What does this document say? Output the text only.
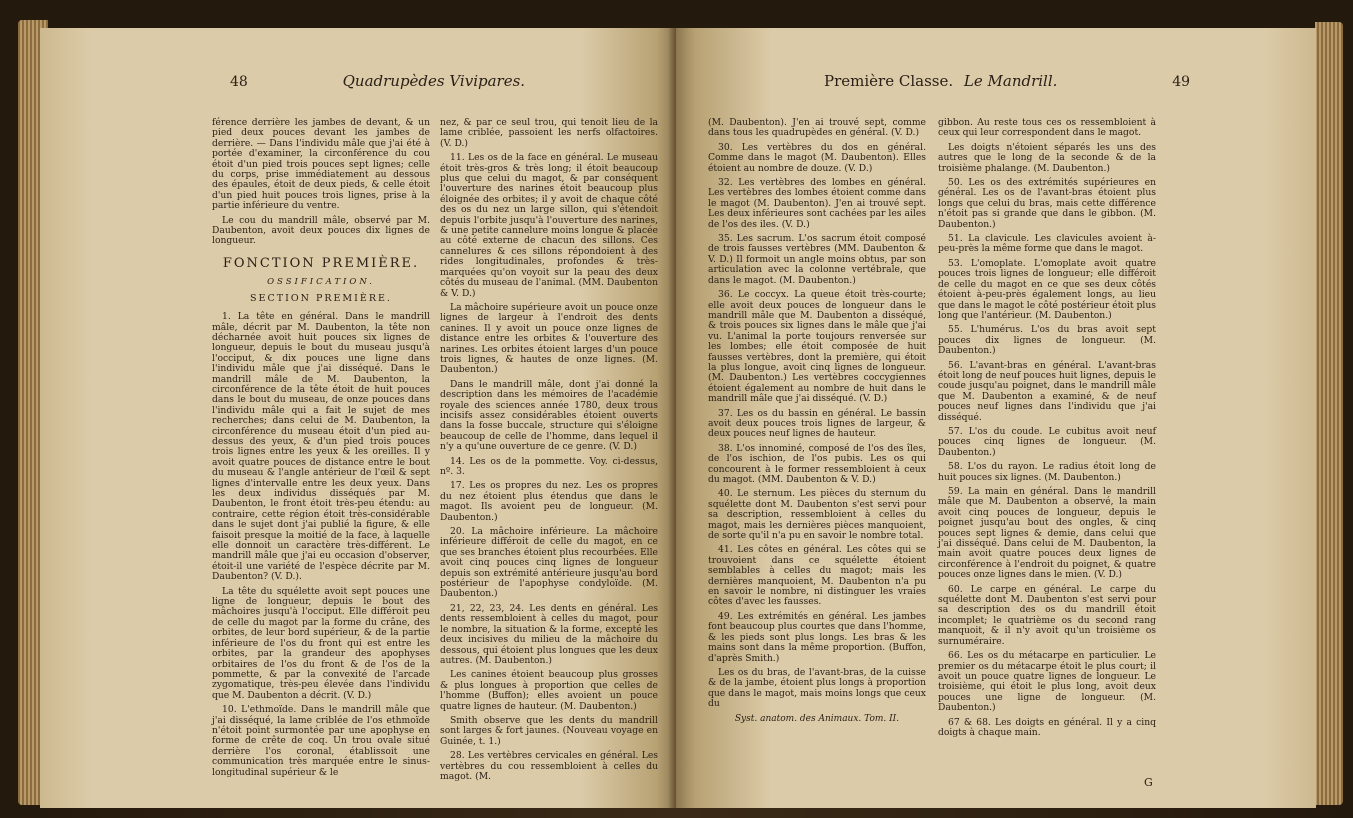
48	Quadrupèdes Vivipares.

férence derrière les jambes de devant, & un pied deux pouces devant les jambes de derrière. — Dans l'individu mâle que j'ai été à portée d'examiner, la circonférence du cou étoit d'un pied trois pouces sept lignes; celle du corps, prise immédiatement au dessous des épaules, étoit de deux pieds, & celle étoit d'un pied huit pouces trois lignes, prise à la partie inférieure du ventre.

Le cou du mandrill mâle, observé par M. Daubenton, avoit deux pouces dix lignes de longueur.

FONCTION PREMIÈRE.
OSSIFICATION.
SECTION PREMIÈRE.

1. La tête en général. Dans le mandrill mâle, décrit par M. Daubenton, la tête non décharnée avoit huit pouces six lignes de longueur, depuis le bout du museau jusqu'à l'occiput, & dix pouces une ligne dans l'individu mâle que j'ai disséqué. Dans le mandrill mâle de M. Daubenton, la circonférence de la tête étoit de huit pouces dans le bout du museau, de onze pouces dans l'individu mâle qui a fait le sujet de mes recherches; dans celui de M. Daubenton, la circonférence du museau étoit d'un pied au-dessus des yeux, & d'un pied trois pouces trois lignes entre les yeux & les oreilles. Il y avoit quatre pouces de distance entre le bout du museau & l'angle antérieur de l'œil & sept lignes d'intervalle entre les deux yeux. Dans les deux individus disséqués par M. Daubenton, le front étoit très-peu étendu: au contraire, cette région étoit très-considérable dans le sujet dont j'ai publié la figure, & elle faisoit presque la moitié de la face, à laquelle elle donnoit un caractère très-différent. Le mandrill mâle que j'ai eu occasion d'observer, étoit-il une variété de l'espèce décrite par M. Daubenton? (V. D.).

La tête du squélette avoit sept pouces une ligne de longueur, depuis le bout des mâchoires jusqu'à l'occiput. Elle différoit peu de celle du magot par la forme du crâne, des orbites, de leur bord supérieur, & de la partie inférieure de l'os du front qui est entre les orbites, par la grandeur des apophyses orbitaires de l'os du front & de l'os de la pommette, & par la convexité de l'arcade zygomatique, très-peu élevée dans l'individu que M. Daubenton a décrit. (V. D.)

10. L'ethmoïde. Dans le mandrill mâle que j'ai disséqué, la lame criblée de l'os ethmoïde n'étoit point surmontée par une apophyse en forme de crête de coq. Un trou ovale situé derrière l'os coronal, établissoit une communication très marquée entre le sinus-longitudinal supérieur & le

nez, & par ce seul trou, qui tenoit lieu de la lame criblée, passoient les nerfs olfactoires. (V. D.)

11. Les os de la face en général. Le museau étoit très-gros & très long; il étoit beaucoup plus que celui du magot, & par conséquent l'ouverture des narines étoit beaucoup plus éloignée des orbites; il y avoit de chaque côté des os du nez un large sillon, qui s'étendoit depuis l'orbite jusqu'à l'ouverture des narines, & une petite cannelure moins longue & placée au côté externe de chacun des sillons. Ces cannelures & ces sillons répondoient à des rides longitudinales, profondes & très-marquées qu'on voyoit sur la peau des deux côtés du museau de l'animal. (MM. Daubenton & V. D.)

La mâchoire supérieure avoit un pouce onze lignes de largeur à l'endroit des dents canines. Il y avoit un pouce onze lignes de distance entre les orbites & l'ouverture des narines. Les orbites étoient larges d'un pouce trois lignes, & hautes de onze lignes. (M. Daubenton.)

Dans le mandrill mâle, dont j'ai donné la description dans les mémoires de l'académie royale des sciences année 1780, deux trous incisifs assez considérables étoient ouverts dans la fosse buccale, structure qui s'éloigne beaucoup de celle de l'homme, dans lequel il n'y a qu'une ouverture de ce genre. (V. D.)

14. Les os de la pommette. Voy. ci-dessus, nº. 3.

17. Les os propres du nez. Les os propres du nez étoient plus étendus que dans le magot. Ils avoient peu de longueur. (M. Daubenton.)

20. La mâchoire inférieure. La mâchoire inférieure différoit de celle du magot, en ce que ses branches étoient plus recourbées. Elle avoit cinq pouces cinq lignes de longueur depuis son extrémité antérieure jusqu'au bord postérieur de l'apophyse condyloïde. (M. Daubenton.)

21, 22, 23, 24. Les dents en général. Les dents ressembloient à celles du magot, pour le nombre, la situation & la forme, excepté les deux incisives du milieu de la mâchoire du dessous, qui étoient plus longues que les deux autres. (M. Daubenton.)

Les canines étoient beaucoup plus grosses & plus longues à proportion que celles de l'homme (Buffon); elles avoient un pouce quatre lignes de hauteur. (M. Daubenton.)

Smith observe que les dents du mandrill sont larges & fort jaunes. (Nouveau voyage en Guinée, t. 1.)

28. Les vertèbres cervicales en général. Les vertèbres du cou ressembloient à celles du magot. (M.

Première Classe. Le Mandrill.	49

(M. Daubenton). J'en ai trouvé sept, comme dans tous les quadrupèdes en général. (V. D.)

30. Les vertèbres du dos en général. Comme dans le magot (M. Daubenton). Elles étoient au nombre de douze. (V. D.)

32. Les vertèbres des lombes en général. Les vertèbres des lombes étoient comme dans le magot (M. Daubenton). J'en ai trouvé sept. Les deux inférieures sont cachées par les ailes de l'os des iles. (V. D.)

35. Les sacrum. L'os sacrum étoit composé de trois fausses vertèbres (MM. Daubenton & V. D.) Il formoit un angle moins obtus, par son articulation avec la colonne vertébrale, que dans le magot. (M. Daubenton.)

36. Le coccyx. La queue étoit très-courte; elle avoit deux pouces de longueur dans le mandrill mâle que M. Daubenton a disséqué, & trois pouces six lignes dans le mâle que j'ai vu. L'animal la porte toujours renversée sur les lombes; elle étoit composée de huit fausses vertèbres, dont la première, qui étoit la plus longue, avoit cinq lignes de longueur. (M. Daubenton.) Les vertèbres coccygiennes étoient également au nombre de huit dans le mandrill mâle que j'ai disséqué. (V. D.)

37. Les os du bassin en général. Le bassin avoit deux pouces trois lignes de largeur, & deux pouces neuf lignes de hauteur.

38. L'os innominé, composé de l'os des îles, de l'os ischion, de l'os pubis. Les os qui concourent à le former ressembloient à ceux du magot. (MM. Daubenton & V. D.)

40. Le sternum. Les pièces du sternum du squélette dont M. Daubenton s'est servi pour sa description, ressembloient à celles du magot, mais les dernières pièces manquoient, de sorte qu'il n'a pu en savoir le nombre total.

41. Les côtes en général. Les côtes qui se trouvoient dans ce squélette étoient semblables à celles du magot; mais les dernières manquoient, M. Daubenton n'a pu en savoir le nombre, ni distinguer les vraies côtes d'avec les fausses.

49. Les extrémités en général. Les jambes font beaucoup plus courtes que dans l'homme, & les pieds sont plus longs. Les bras & les mains sont dans la même proportion. (Buffon, d'après Smith.)

Les os du bras, de l'avant-bras, de la cuisse & de la jambe, étoient plus longs à proportion que dans le magot, mais moins longs que ceux du

Syst. anatom. des Animaux. Tom. II.

gibbon. Au reste tous ces os ressembloient à ceux qui leur correspondent dans le magot.

Les doigts n'étoient séparés les uns des autres que le long de la seconde & de la troisième phalange. (M. Daubenton.)

50. Les os des extrémités supérieures en général. Les os de l'avant-bras étoient plus longs que celui du bras, mais cette différence n'étoit pas si grande que dans le gibbon. (M. Daubenton.)

51. La clavicule. Les clavicules avoient à-peu-près la même forme que dans le magot.

53. L'omoplate. L'omoplate avoit quatre pouces trois lignes de longueur; elle différoit de celle du magot en ce que ses deux côtés étoient à-peu-près également longs, au lieu que dans le magot le côté postérieur étoit plus long que l'antérieur. (M. Daubenton.)

55. L'humérus. L'os du bras avoit sept pouces dix lignes de longueur. (M. Daubenton.)

56. L'avant-bras en général. L'avant-bras étoit long de neuf pouces huit lignes, depuis le coude jusqu'au poignet, dans le mandrill mâle que M. Daubenton a examiné, & de neuf pouces neuf lignes dans l'individu que j'ai disséqué.

57. L'os du coude. Le cubitus avoit neuf pouces cinq lignes de longueur. (M. Daubenton.)

58. L'os du rayon. Le radius étoit long de huit pouces six lignes. (M. Daubenton.)

59. La main en général. Dans le mandrill mâle que M. Daubenton a observé, la main avoit cinq pouces de longueur, depuis le poignet jusqu'au bout des ongles, & cinq pouces sept lignes & demie, dans celui que j'ai disséqué. Dans celui de M. Daubenton, la main avoit quatre pouces deux lignes de circonférence à l'endroit du poignet, & quatre pouces onze lignes dans le mien. (V. D.)

60. Le carpe en général. Le carpe du squélette dont M. Daubenton s'est servi pour sa description des os du mandrill étoit incomplet; le quatrième os du second rang manquoit, & il n'y avoit qu'un troisième os surnuméraire.

66. Les os du métacarpe en particulier. Le premier os du métacarpe étoit le plus court; il avoit un pouce quatre lignes de longueur. Le troisième, qui étoit le plus long, avoit deux pouces une ligne de longueur. (M. Daubenton.)

67 & 68. Les doigts en général. Il y a cinq doigts à chaque main.

G
